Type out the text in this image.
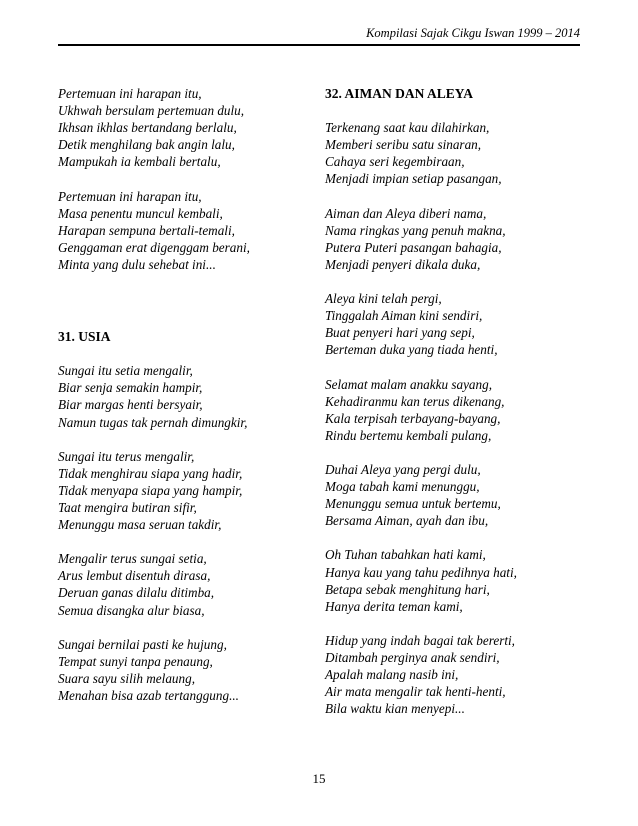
Kompilasi Sajak Cikgu Iswan 1999 – 2014
Pertemuan ini harapan itu,
Ukhwah bersulam pertemuan dulu,
Ikhsan ikhlas bertandang berlalu,
Detik menghilang bak angin lalu,
Mampukah ia kembali bertalu,
Pertemuan ini harapan itu,
Masa penentu muncul kembali,
Harapan sempuna bertali-temali,
Genggaman erat digenggam berani,
Minta yang dulu sehebat ini...
31. USIA
Sungai itu setia mengalir,
Biar senja semakin hampir,
Biar margas henti bersyair,
Namun tugas tak pernah dimungkir,
Sungai itu terus mengalir,
Tidak menghirau siapa yang hadir,
Tidak menyapa siapa yang hampir,
Taat mengira butiran sifir,
Menunggu masa seruan takdir,
Mengalir terus sungai setia,
Arus lembut disentuh dirasa,
Deruan ganas dilalu ditimba,
Semua disangka alur biasa,
Sungai bernilai pasti ke hujung,
Tempat sunyi tanpa penaung,
Suara sayu silih melaung,
Menahan bisa azab tertanggung...
32. AIMAN DAN ALEYA
Terkenang saat kau dilahirkan,
Memberi seribu satu sinaran,
Cahaya seri kegembiraan,
Menjadi impian setiap pasangan,
Aiman dan Aleya diberi nama,
Nama ringkas yang penuh makna,
Putera Puteri pasangan bahagia,
Menjadi penyeri dikala duka,
Aleya kini telah pergi,
Tinggalah Aiman kini sendiri,
Buat penyeri hari yang sepi,
Berteman duka yang tiada henti,
Selamat malam anakku sayang,
Kehadiranmu kan terus dikenang,
Kala terpisah terbayang-bayang,
Rindu bertemu kembali pulang,
Duhai Aleya yang pergi dulu,
Moga tabah kami menunggu,
Menunggu semua untuk bertemu,
Bersama Aiman, ayah dan ibu,
Oh Tuhan tabahkan hati kami,
Hanya kau yang tahu pedihnya hati,
Betapa sebak menghitung hari,
Hanya derita teman kami,
Hidup yang indah bagai tak bererti,
Ditambah perginya anak sendiri,
Apalah malang nasib ini,
Air mata mengalir tak henti-henti,
Bila waktu kian menyepi...
15
